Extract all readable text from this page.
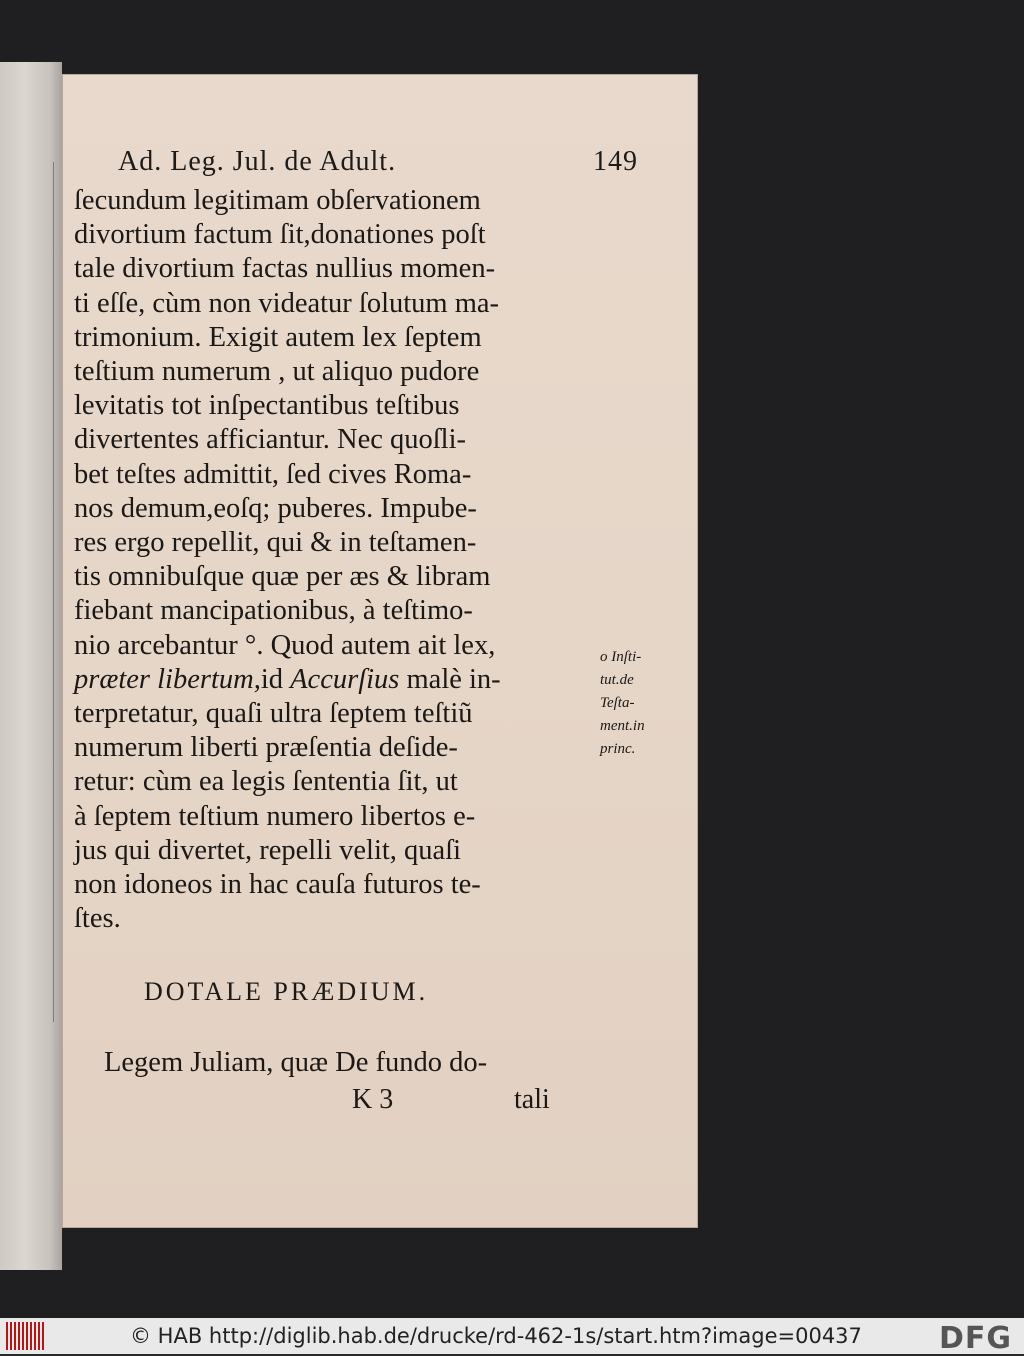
Ad. Leg. Jul. de Adult.	149
ſecundum legitimam obſervationem
divortium factum ſit,donationes poſt
tale divortium factas nullius momen-
ti eſſe, cùm non videatur ſolutum ma-
trimonium. Exigit autem lex ſeptem
teſtium numerum , ut aliquo pudore
levitatis tot inſpectantibus teſtibus
divertentes afficiantur. Nec quoſli-
bet teſtes admittit, ſed cives Roma-
nos demum,eoſq; puberes. Impube-
res ergo repellit, qui & in teſtamen-
tis omnibuſque quæ per æs & libram
fiebant mancipationibus, à teſtimo-
nio arcebantur °. Quod autem ait lex,
præter libertum,id Accurſius malè in-
terpretatur, quaſi ultra ſeptem teſtiũ
numerum liberti præſentia deſide-
retur: cùm ea legis ſententia ſit, ut
à ſeptem teſtium numero libertos e-
jus qui divertet, repelli velit, quaſi
non idoneos in hac cauſa futuros te-
ſtes.
o Inſti-
tut.de
Teſta-
ment.in
princ.
DOTALE PRÆDIUM.
Legem Juliam, quæ De fundo do-
K 3	tali
© HAB http://diglib.hab.de/drucke/rd-462-1s/start.htm?image=00437	DFG
